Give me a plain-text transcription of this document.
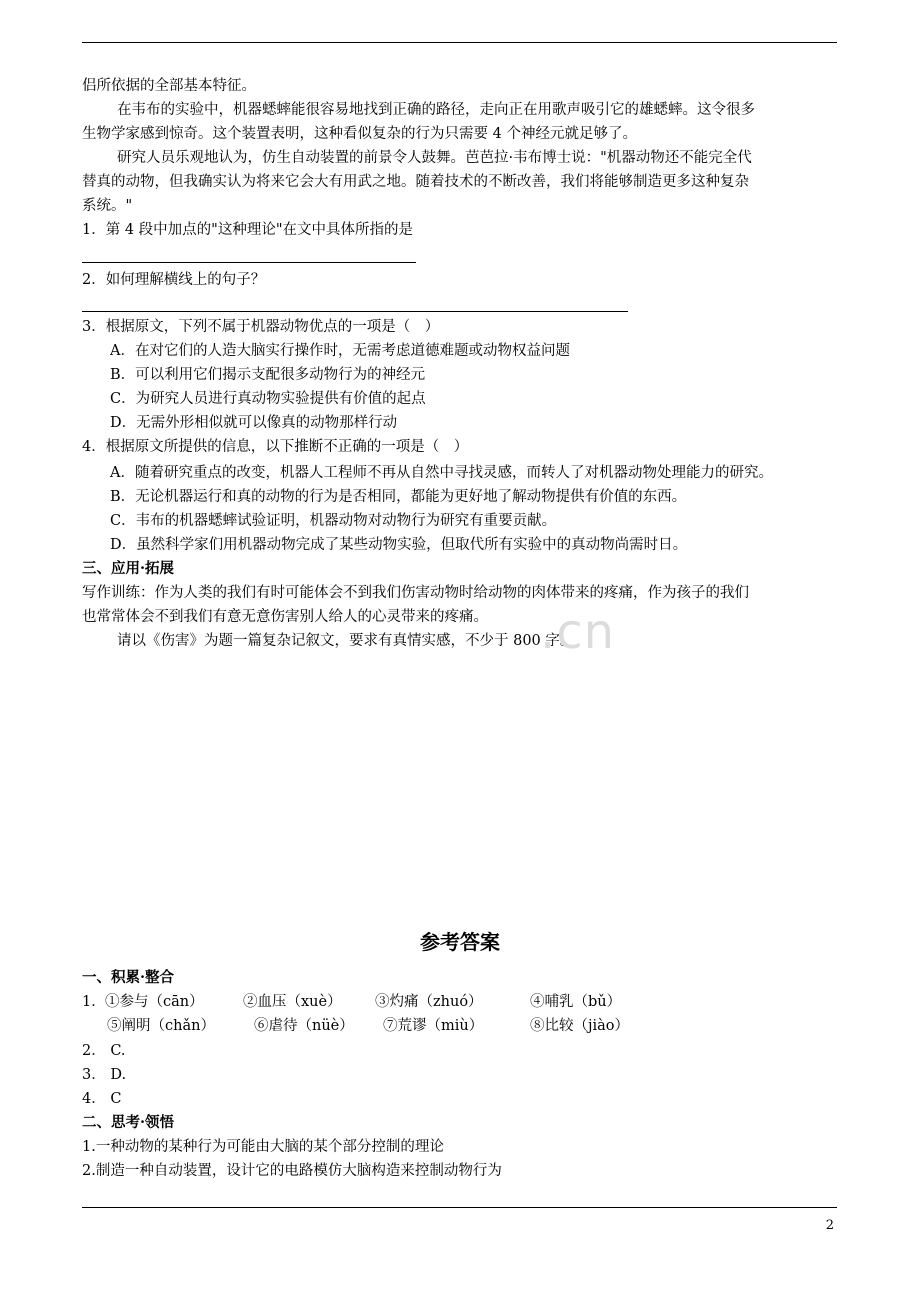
侣所依据的全部基本特征。
在韦布的实验中，机器蟋蟀能很容易地找到正确的路径，走向正在用歌声吸引它的雄蟋蟀。这令很多
生物学家感到惊奇。这个装置表明，这种看似复杂的行为只需要 4 个神经元就足够了。
研究人员乐观地认为，仿生自动装置的前景令人鼓舞。芭芭拉·韦布博士说："机器动物还不能完全代
替真的动物，但我确实认为将来它会大有用武之地。随着技术的不断改善，我们将能够制造更多这种复杂
系统。"
1．第 4 段中加点的"这种理论"在文中具体所指的是
2．如何理解横线上的句子？
3．根据原文，下列不属于机器动物优点的一项是（　）
A．在对它们的人造大脑实行操作时，无需考虑道德难题或动物权益问题
B．可以利用它们揭示支配很多动物行为的神经元
C．为研究人员进行真动物实验提供有价值的起点
D．无需外形相似就可以像真的动物那样行动
4．根据原文所提供的信息，以下推断不正确的一项是（　）
A．随着研究重点的改变，机器人工程师不再从自然中寻找灵感，而转人了对机器动物处理能力的研究。
B．无论机器运行和真的动物的行为是否相同，都能为更好地了解动物提供有价值的东西。
C．韦布的机器蟋蟀试验证明，机器动物对动物行为研究有重要贡献。
D．虽然科学家们用机器动物完成了某些动物实验，但取代所有实验中的真动物尚需时日。
三、应用·拓展
写作训练：作为人类的我们有时可能体会不到我们伤害动物时给动物的肉体带来的疼痛，作为孩子的我们
也常常体会不到我们有意无意伤害别人给人的心灵带来的疼痛。
请以《伤害》为题一篇复杂记叙文，要求有真情实感，不少于 800 字。
.cn
参考答案
一、积累·整合
1． ①参与（cān）	②血压（xuè） ③灼痛（zhuó）	④哺乳（bǔ）
⑤阐明（chǎn）	⑥虐待（nüè） ⑦荒谬（miù）	⑧比较（jiào）
2． C.
3． D.
4． C
二、思考·领悟
1.一种动物的某种行为可能由大脑的某个部分控制的理论
2.制造一种自动装置，设计它的电路模仿大脑构造来控制动物行为
2
